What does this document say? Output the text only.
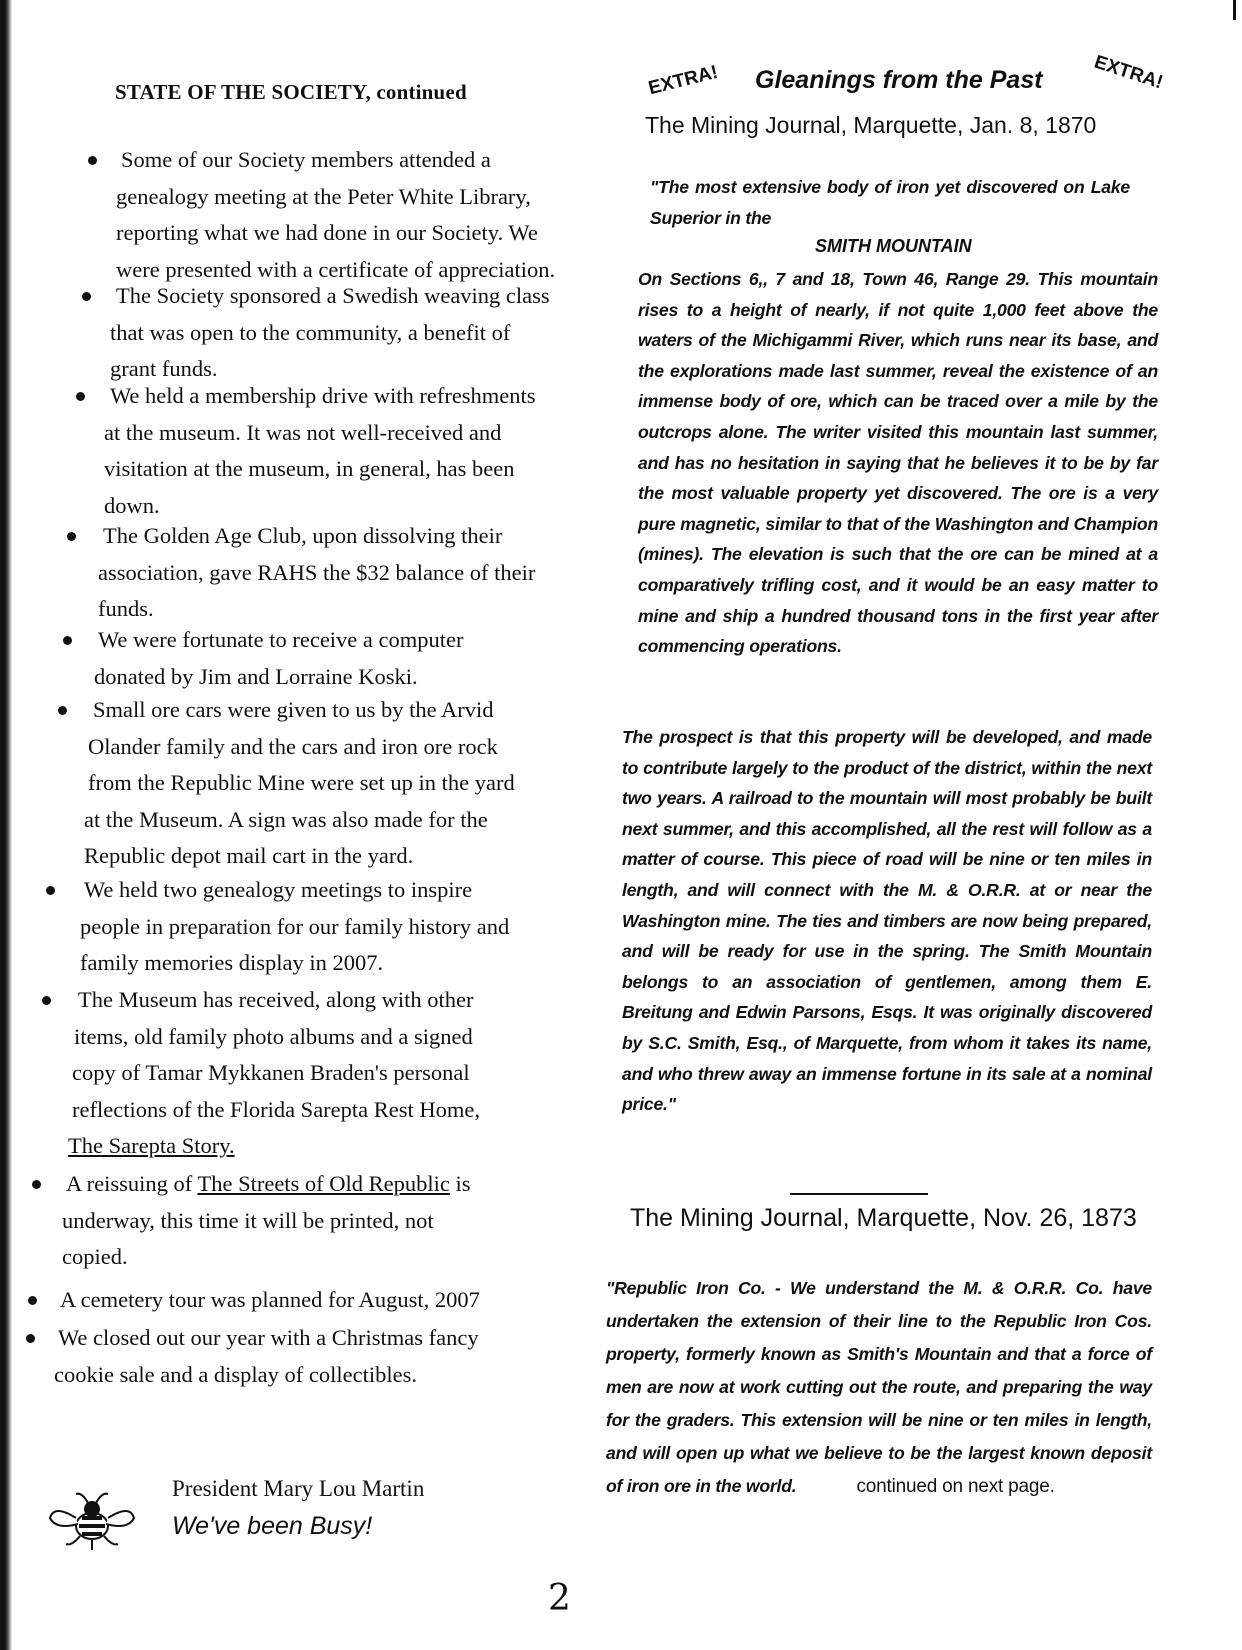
STATE OF THE SOCIETY, continued
Some of our Society members attended a
genealogy meeting at the Peter White Library,
reporting what we had done in our Society. We
were presented with a certificate of appreciation.
The Society sponsored a Swedish weaving class
that was open to the community, a benefit of
grant funds.
We held a membership drive with refreshments
at the museum. It was not well-received and
visitation at the museum, in general, has been
down.
The Golden Age Club, upon dissolving their
association, gave RAHS the $32 balance of their
funds.
We were fortunate to receive a computer
donated by Jim and Lorraine Koski.
Small ore cars were given to us by the Arvid
Olander family and the cars and iron ore rock
from the Republic Mine were set up in the yard
at the Museum. A sign was also made for the
Republic depot mail cart in the yard.
We held two genealogy meetings to inspire
people in preparation for our family history and
family memories display in 2007.
The Museum has received, along with other
items, old family photo albums and a signed
copy of Tamar Mykkanen Braden's personal
reflections of the Florida Sarepta Rest Home,
The Sarepta Story.
A reissuing of The Streets of Old Republic is
underway, this time it will be printed, not
copied.
A cemetery tour was planned for August, 2007
We closed out our year with a Christmas fancy
cookie sale and a display of collectibles.
President Mary Lou Martin
We've been Busy!
2
EXTRA! Gleanings from the Past	EXTRA!
The Mining Journal, Marquette, Jan. 8, 1870
"The most extensive body of iron yet discovered on Lake Superior in the
SMITH MOUNTAIN
On Sections 6,, 7 and 18, Town 46, Range 29. This mountain rises to a height of nearly, if not quite 1,000 feet above the waters of the Michigammi River, which runs near its base, and the explorations made last summer, reveal the existence of an immense body of ore, which can be traced over a mile by the outcrops alone. The writer visited this mountain last summer, and has no hesitation in saying that he believes it to be by far the most valuable property yet discovered. The ore is a very pure magnetic, similar to that of the Washington and Champion (mines). The elevation is such that the ore can be mined at a comparatively trifling cost, and it would be an easy matter to mine and ship a hundred thousand tons in the first year after commencing operations.
The prospect is that this property will be developed, and made to contribute largely to the product of the district, within the next two years. A railroad to the mountain will most probably be built next summer, and this accomplished, all the rest will follow as a matter of course. This piece of road will be nine or ten miles in length, and will connect with the M. & O.R.R. at or near the Washington mine. The ties and timbers are now being prepared, and will be ready for use in the spring. The Smith Mountain belongs to an association of gentlemen, among them E. Breitung and Edwin Parsons, Esqs. It was originally discovered by S.C. Smith, Esq., of Marquette, from whom it takes its name, and who threw away an immense fortune in its sale at a nominal price."
The Mining Journal, Marquette, Nov. 26, 1873
"Republic Iron Co. - We understand the M. & O.R.R. Co. have undertaken the extension of their line to the Republic Iron Cos. property, formerly known as Smith's Mountain and that a force of men are now at work cutting out the route, and preparing the way for the graders. This extension will be nine or ten miles in length, and will open up what we believe to be the largest known deposit of iron ore in the world.	continued on next page.
